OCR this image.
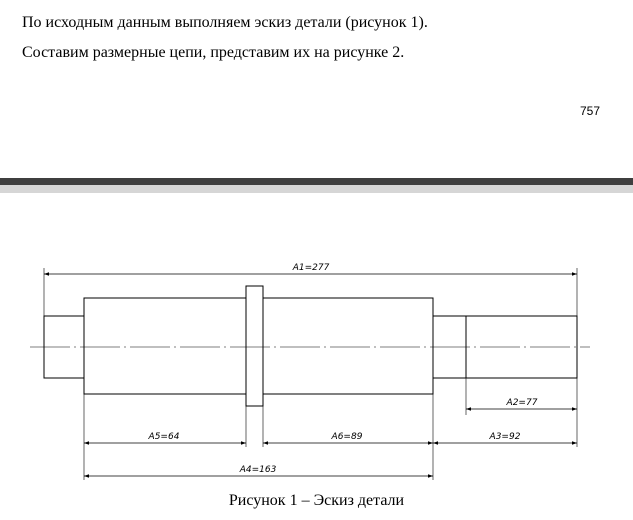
По исходным данным выполняем эскиз детали (рисунок 1).

Составим размерные цепи, представим их на рисунке 2.

757
A1=277
A2=77
A5=64	A6=89	A3=92
A4=163
Рисунок 1 – Эскиз детали
